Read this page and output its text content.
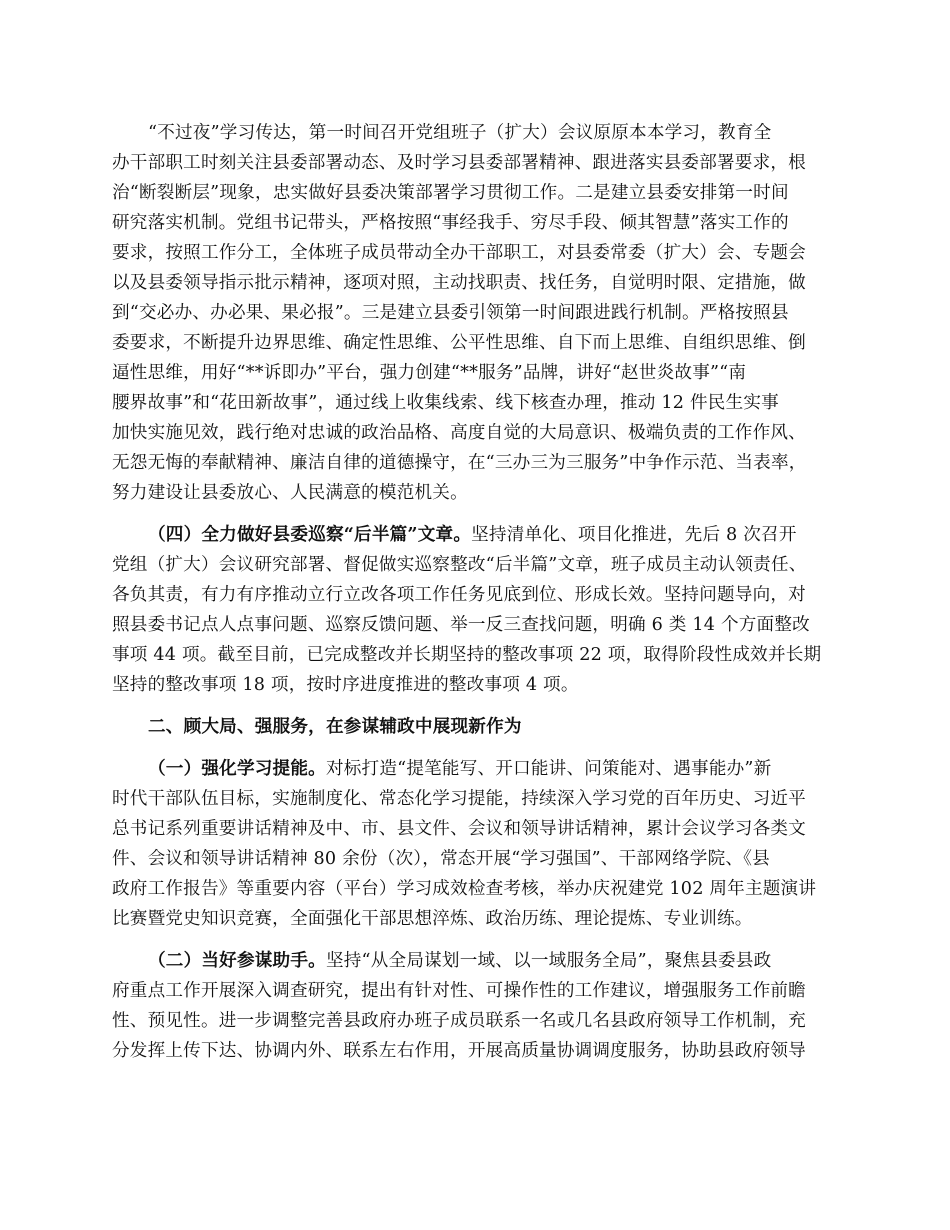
“不过夜”学习传达，第一时间召开党组班子（扩大）会议原原本本学习，教育全
办干部职工时刻关注县委部署动态、及时学习县委部署精神、跟进落实县委部署要求，根
治“断裂断层”现象，忠实做好县委决策部署学习贯彻工作。二是建立县委安排第一时间
研究落实机制。党组书记带头，严格按照“事经我手、穷尽手段、倾其智慧”落实工作的
要求，按照工作分工，全体班子成员带动全办干部职工，对县委常委（扩大）会、专题会
以及县委领导指示批示精神，逐项对照，主动找职责、找任务，自觉明时限、定措施，做
到“交必办、办必果、果必报”。三是建立县委引领第一时间跟进践行机制。严格按照县
委要求，不断提升边界思维、确定性思维、公平性思维、自下而上思维、自组织思维、倒
逼性思维，用好“**诉即办”平台，强力创建“**服务”品牌，讲好“赵世炎故事”“南
腰界故事”和“花田新故事”，通过线上收集线索、线下核查办理，推动 12 件民生实事
加快实施见效，践行绝对忠诚的政治品格、高度自觉的大局意识、极端负责的工作作风、
无怨无悔的奉献精神、廉洁自律的道德操守，在“三办三为三服务”中争作示范、当表率，
努力建设让县委放心、人民满意的模范机关。
（四）全力做好县委巡察“后半篇”文章。坚持清单化、项目化推进，先后 8 次召开
党组（扩大）会议研究部署、督促做实巡察整改“后半篇”文章，班子成员主动认领责任、
各负其责，有力有序推动立行立改各项工作任务见底到位、形成长效。坚持问题导向，对
照县委书记点人点事问题、巡察反馈问题、举一反三查找问题，明确 6 类 14 个方面整改
事项 44 项。截至目前，已完成整改并长期坚持的整改事项 22 项，取得阶段性成效并长期
坚持的整改事项 18 项，按时序进度推进的整改事项 4 项。
二、顾大局、强服务，在参谋辅政中展现新作为
（一）强化学习提能。对标打造“提笔能写、开口能讲、问策能对、遇事能办”新
时代干部队伍目标，实施制度化、常态化学习提能，持续深入学习党的百年历史、习近平
总书记系列重要讲话精神及中、市、县文件、会议和领导讲话精神，累计会议学习各类文
件、会议和领导讲话精神 80 余份（次），常态开展“学习强国”、干部网络学院、《县
政府工作报告》等重要内容（平台）学习成效检查考核，举办庆祝建党 102 周年主题演讲
比赛暨党史知识竞赛，全面强化干部思想淬炼、政治历练、理论提炼、专业训练。
（二）当好参谋助手。坚持“从全局谋划一域、以一域服务全局”，聚焦县委县政
府重点工作开展深入调查研究，提出有针对性、可操作性的工作建议，增强服务工作前瞻
性、预见性。进一步调整完善县政府办班子成员联系一名或几名县政府领导工作机制，充
分发挥上传下达、协调内外、联系左右作用，开展高质量协调调度服务，协助县政府领导
